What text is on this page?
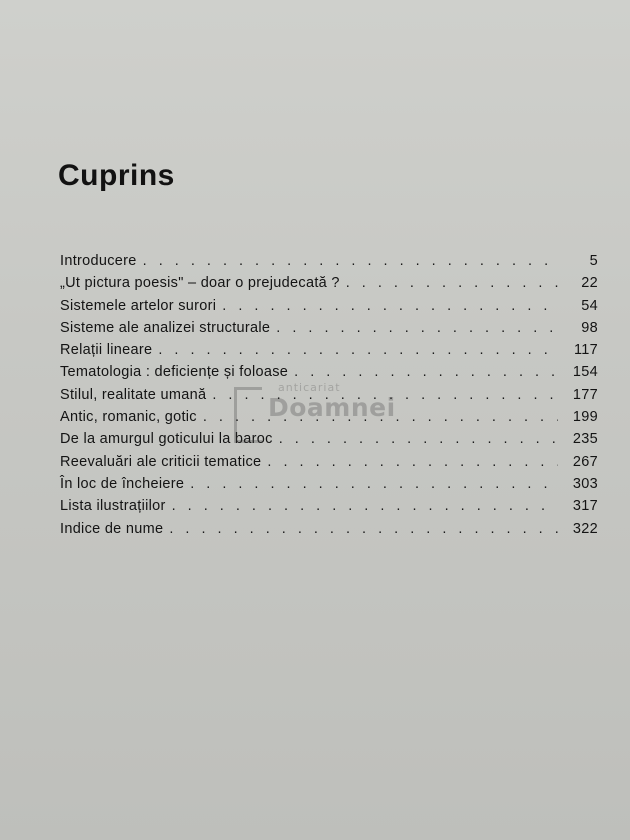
Cuprins
Introducere . . .	5
„Ut pictura poesis" – doar o prejudecată ? . . .	22
Sistemele artelor surori . . .	54
Sisteme ale analizei structurale . . .	98
Relații lineare . . .	117
Tematologia : deficiențe și foloase . . .	154
Stilul, realitate umană . . .	177
Antic, romanic, gotic . . .	199
De la amurgul goticului la baroc . . .	235
Reevaluări ale criticii tematice . . .	267
În loc de încheiere . . .	303
Lista ilustrațiilor . . .	317
Indice de nume . . .	322
anticariat
Doamnei
